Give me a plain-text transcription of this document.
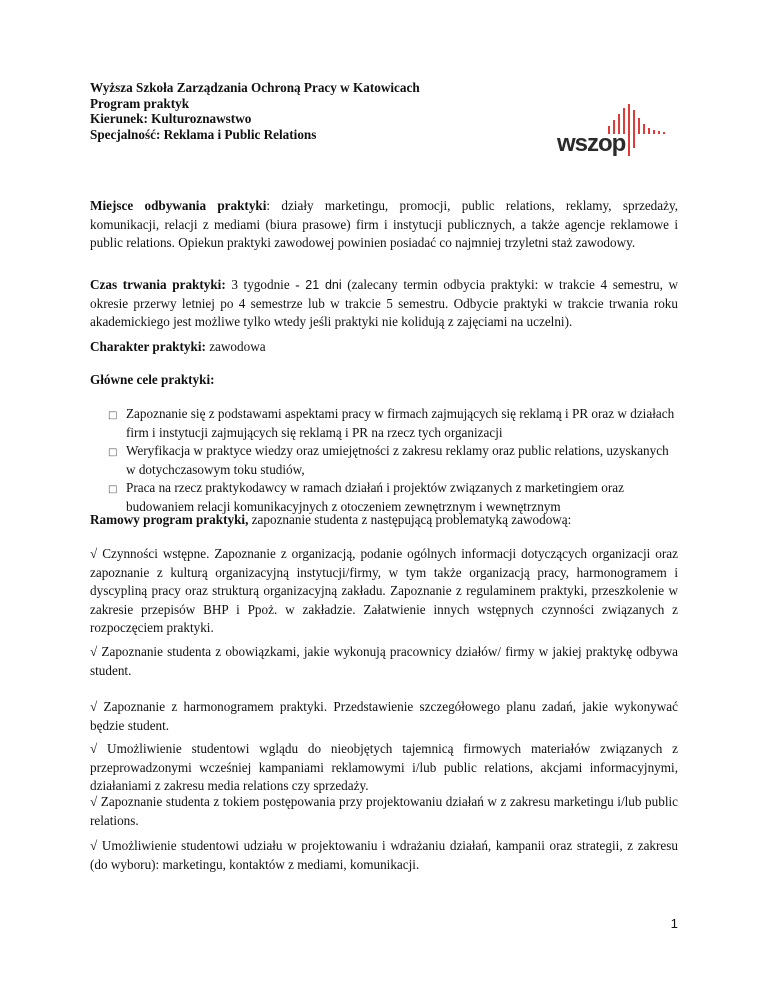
Wyższa Szkoła Zarządzania Ochroną Pracy w Katowicach
Program praktyk
Kierunek: Kulturoznawstwo
Specjalność: Reklama i Public Relations	wszop

Miejsce odbywania praktyki: działy marketingu, promocji, public relations, reklamy, sprzedaży, komunikacji, relacji z mediami (biura prasowe) firm i instytucji publicznych, a także agencje reklamowe i public relations. Opiekun praktyki zawodowej powinien posiadać co najmniej trzyletni staż zawodowy.

Czas trwania praktyki: 3 tygodnie - 21 dni (zalecany termin odbycia praktyki: w trakcie 4 semestru, w okresie przerwy letniej po 4 semestrze lub w trakcie 5 semestru. Odbycie praktyki w trakcie trwania roku akademickiego jest możliwe tylko wtedy jeśli praktyki nie kolidują z zajęciami na uczelni).

Charakter praktyki: zawodowa

Główne cele praktyki:

□ Zapoznanie się z podstawami aspektami pracy w firmach zajmujących się reklamą i PR oraz w działach firm i instytucji zajmujących się reklamą i PR na rzecz tych organizacji
□ Weryfikacja w praktyce wiedzy oraz umiejętności z zakresu reklamy oraz public relations, uzyskanych w dotychczasowym toku studiów,
□ Praca na rzecz praktykodawcy w ramach działań i projektów związanych z marketingiem oraz budowaniem relacji komunikacyjnych z otoczeniem zewnętrznym i wewnętrznym

Ramowy program praktyki, zapoznanie studenta z następującą problematyką zawodową:

√ Czynności wstępne. Zapoznanie z organizacją, podanie ogólnych informacji dotyczących organizacji oraz zapoznanie z kulturą organizacyjną instytucji/firmy, w tym także organizacją pracy, harmonogramem i dyscypliną pracy oraz strukturą organizacyjną zakładu. Zapoznanie z regulaminem praktyki, przeszkolenie w zakresie przepisów BHP i Ppoż. w zakładzie. Załatwienie innych wstępnych czynności związanych z rozpoczęciem praktyki.

√ Zapoznanie studenta z obowiązkami, jakie wykonują pracownicy działów/ firmy w jakiej praktykę odbywa student.

√ Zapoznanie z harmonogramem praktyki. Przedstawienie szczegółowego planu zadań, jakie wykonywać będzie student.

√ Umożliwienie studentowi wglądu do nieobjętych tajemnicą firmowych materiałów związanych z przeprowadzonymi wcześniej kampaniami reklamowymi i/lub public relations, akcjami informacyjnymi, działaniami z zakresu media relations czy sprzedaży.

√ Zapoznanie studenta z tokiem postępowania przy projektowaniu działań w z zakresu marketingu i/lub public relations.

√ Umożliwienie studentowi udziału w projektowaniu i wdrażaniu działań, kampanii oraz strategii, z zakresu (do wyboru): marketingu, kontaktów z mediami, komunikacji.

1
